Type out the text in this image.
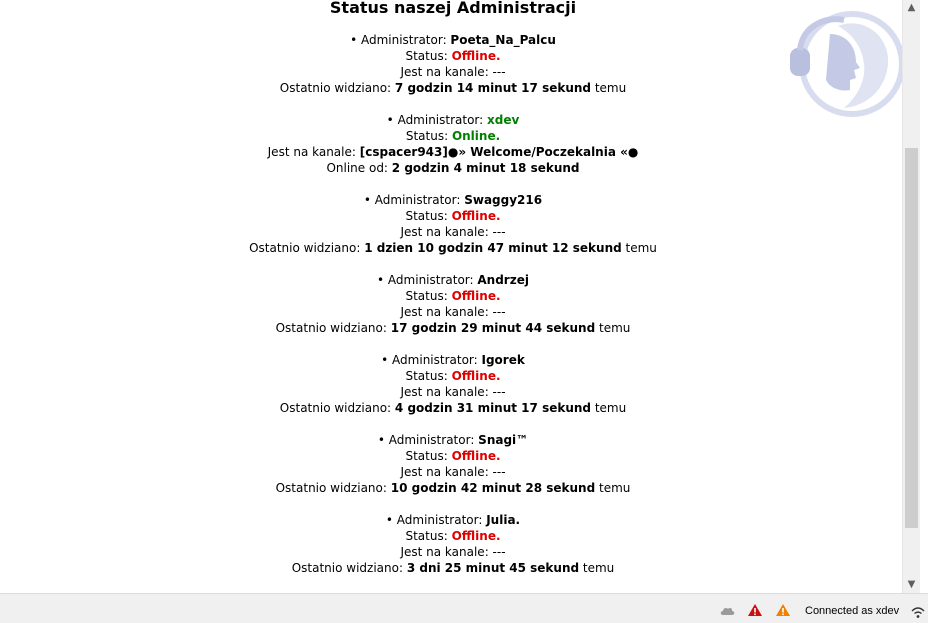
Status naszej Administracji
• Administrator: Poeta_Na_Palcu
Status: Offline.
Jest na kanale: ---
Ostatnio widziano: 7 godzin 14 minut 17 sekund temu
• Administrator: xdev
Status: Online.
Jest na kanale: [cspacer943]●» Welcome/Poczekalnia «●
Online od: 2 godzin 4 minut 18 sekund
• Administrator: Swaggy216
Status: Offline.
Jest na kanale: ---
Ostatnio widziano: 1 dzien 10 godzin 47 minut 12 sekund temu
• Administrator: Andrzej
Status: Offline.
Jest na kanale: ---
Ostatnio widziano: 17 godzin 29 minut 44 sekund temu
• Administrator: Igorek
Status: Offline.
Jest na kanale: ---
Ostatnio widziano: 4 godzin 31 minut 17 sekund temu
• Administrator: Snagi™
Status: Offline.
Jest na kanale: ---
Ostatnio widziano: 10 godzin 42 minut 28 sekund temu
• Administrator: Julia.
Status: Offline.
Jest na kanale: ---
Ostatnio widziano: 3 dni 25 minut 45 sekund temu
▲
▼
Connected as xdev
